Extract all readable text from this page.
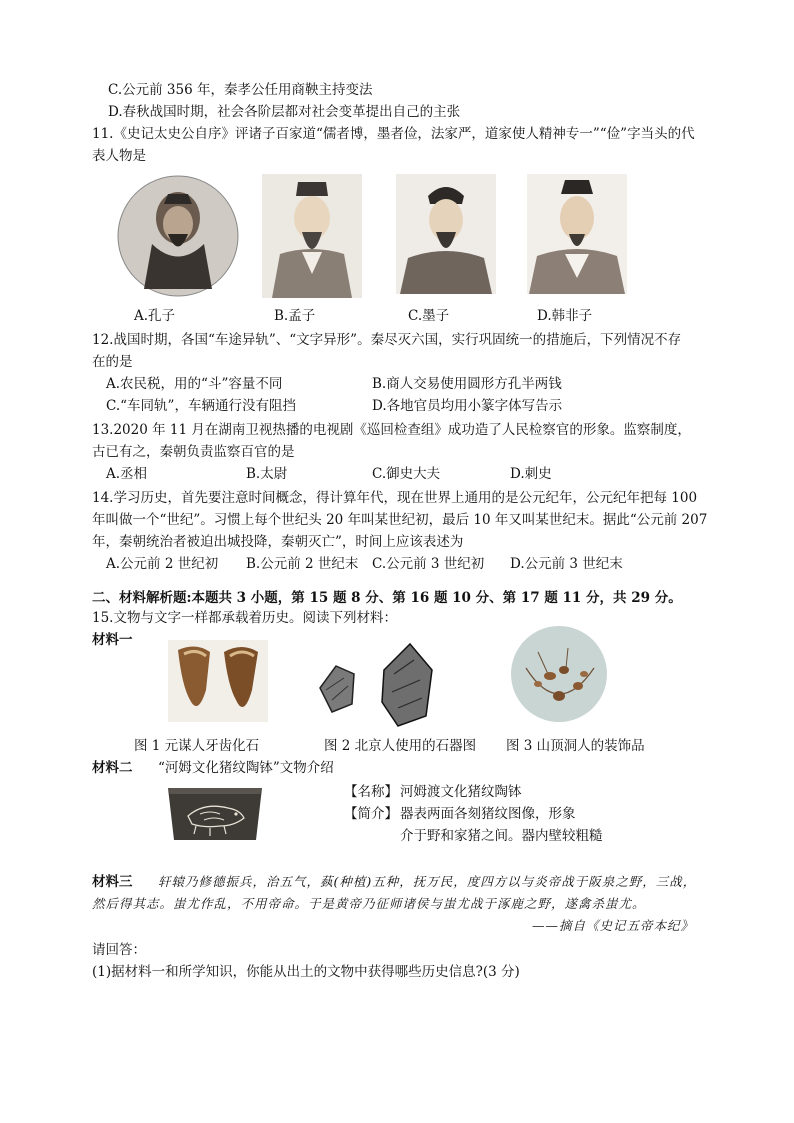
C.公元前 356 年，秦孝公任用商鞅主持变法
D.春秋战国时期，社会各阶层都对社会变革提出自己的主张
11.《史记太史公自序》评诸子百家道“儒者博，墨者俭，法家严，道家使人精神专一”“俭”字当头的代
表人物是
A.孔子	B.孟子	C.墨子	D.韩非子
12.战国时期，各国“车途异轨”、“文字异形”。秦尽灭六国，实行巩固统一的措施后，下列情况不存
在的是
A.农民税，用的“斗”容量不同	B.商人交易使用圆形方孔半两钱
C.“车同轨”，车辆通行没有阻挡	D.各地官员均用小篆字体写告示
13.2020 年 11 月在湖南卫视热播的电视剧《巡回检查组》成功造了人民检察官的形象。监察制度，
古已有之，秦朝负责监察百官的是
A.丞相	B.太尉	C.御史大夫	D.刺史
14.学习历史，首先要注意时间概念，得计算年代，现在世界上通用的是公元纪年，公元纪年把每 100
年叫做一个“世纪”。习惯上每个世纪头 20 年叫某世纪初，最后 10 年又叫某世纪末。据此“公元前 207
年，秦朝统治者被迫出城投降，秦朝灭亡”，时间上应该表述为
A.公元前 2 世纪初 B.公元前 2 世纪末 C.公元前 3 世纪初 D.公元前 3 世纪末
二、材料解析题:本题共 3 小题，第 15 题 8 分、第 16 题 10 分、第 17 题 11 分，共 29 分。
15.文物与文字一样都承载着历史。阅读下列材料：
材料一
图 1 元谋人牙齿化石	图 2 北京人使用的石器图 图 3 山顶洞人的装饰品
材料二 “河姆文化猪纹陶钵”文物介绍
【名称】 河姆渡文化猪纹陶钵
【简介】 器表两面各刻猪纹图像，形象
介于野和家猪之间。器内壁较粗糙
材料三 轩辕乃修德振兵，治五气，蓺(种植)五种，抚万民，度四方以与炎帝战于阪泉之野，三战，
然后得其志。蚩尤作乱，不用帝命。于是黄帝乃征师诸侯与蚩尤战于涿鹿之野，遂禽杀蚩尤。
——摘自《史记五帝本纪》
请回答：
(1)据材料一和所学知识，你能从出土的文物中获得哪些历史信息?(3 分)
